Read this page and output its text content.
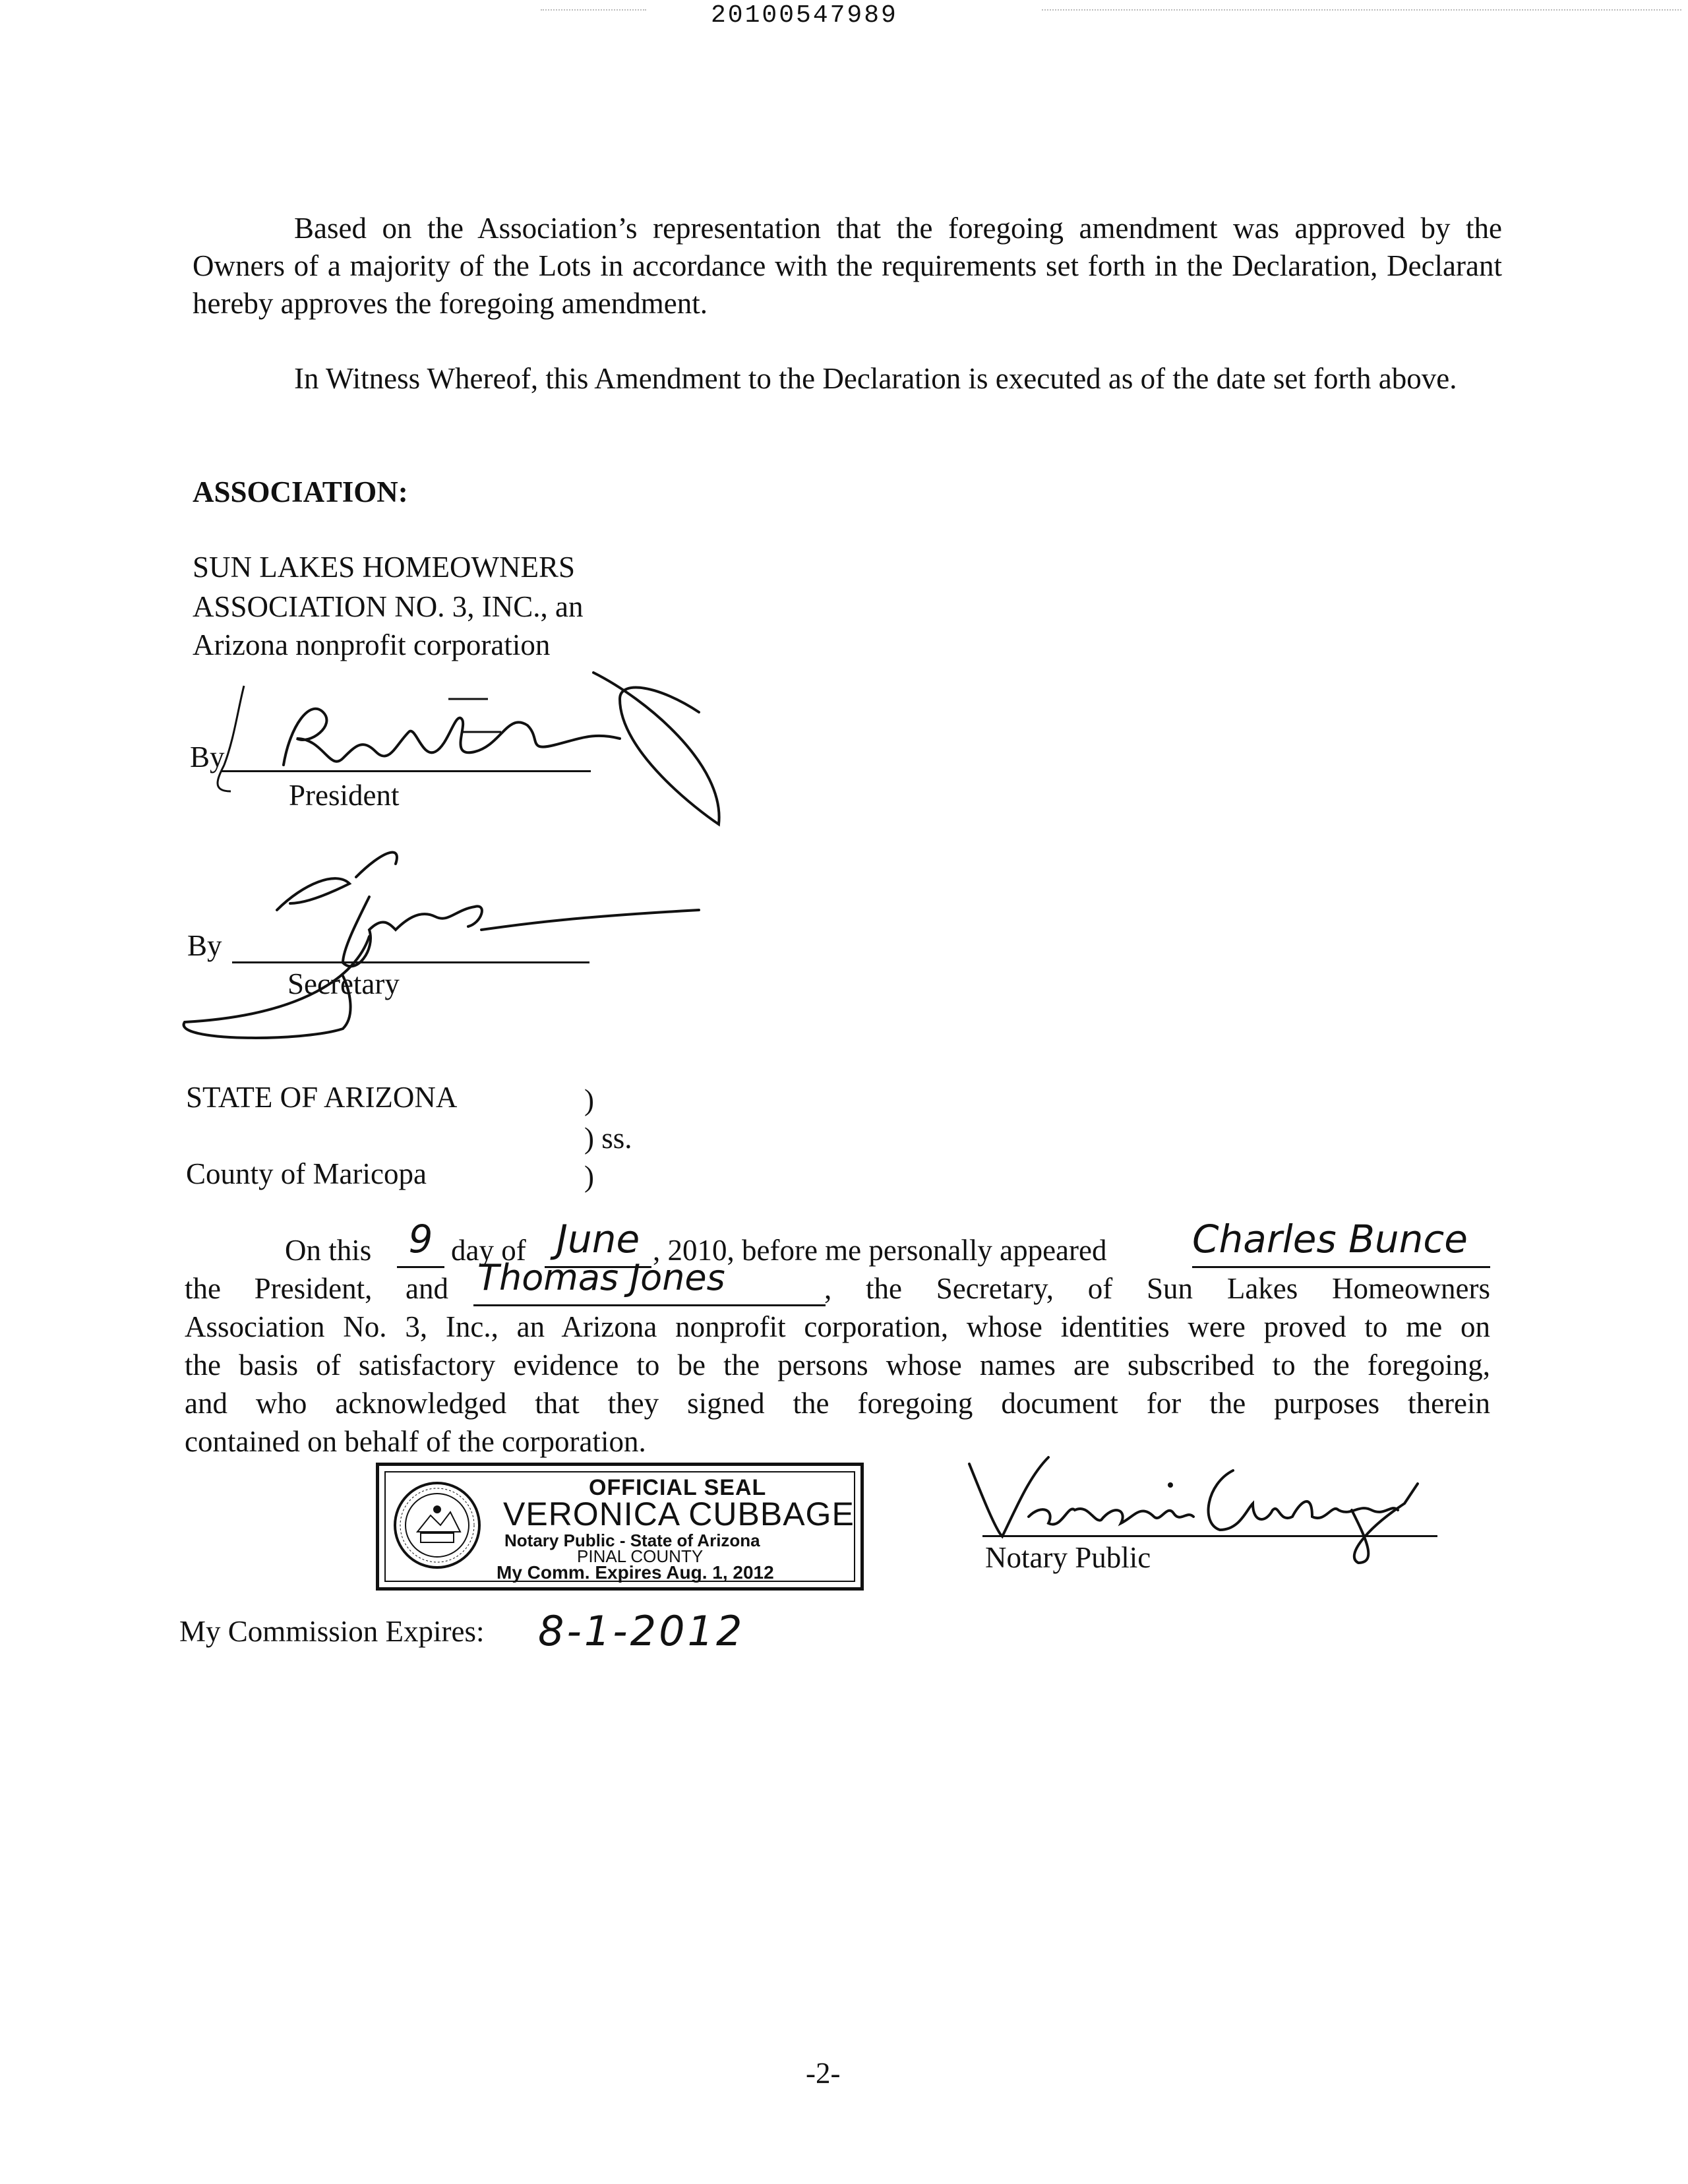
20100547989
Based on the Association’s representation that the foregoing amendment was approved by the Owners of a majority of the Lots in accordance with the requirements set forth in the Declaration, Declarant hereby approves the foregoing amendment.
In Witness Whereof, this Amendment to the Declaration is executed as of the date set forth above.
ASSOCIATION:
SUN LAKES HOMEOWNERS
ASSOCIATION NO. 3, INC., an
Arizona nonprofit corporation
By
President
By
Secretary
STATE OF ARIZONA	)
) ss.
County of Maricopa	)
On this 9 day of June , 2010, before me personally appeared Charles Bunce
the President, and Thomas Jones	, the Secretary, of Sun Lakes Homeowners
Association No. 3, Inc., an Arizona nonprofit corporation, whose identities were proved to me on
the basis of satisfactory evidence to be the persons whose names are subscribed to the foregoing,
and who acknowledged that they signed the foregoing document for the purposes therein
contained on behalf of the corporation.
OFFICIAL SEAL
VERONICA CUBBAGE
Notary Public - State of Arizona
PINAL COUNTY
My Comm. Expires Aug. 1, 2012	Notary Public
My Commission Expires: 8-1-2012
-2-
